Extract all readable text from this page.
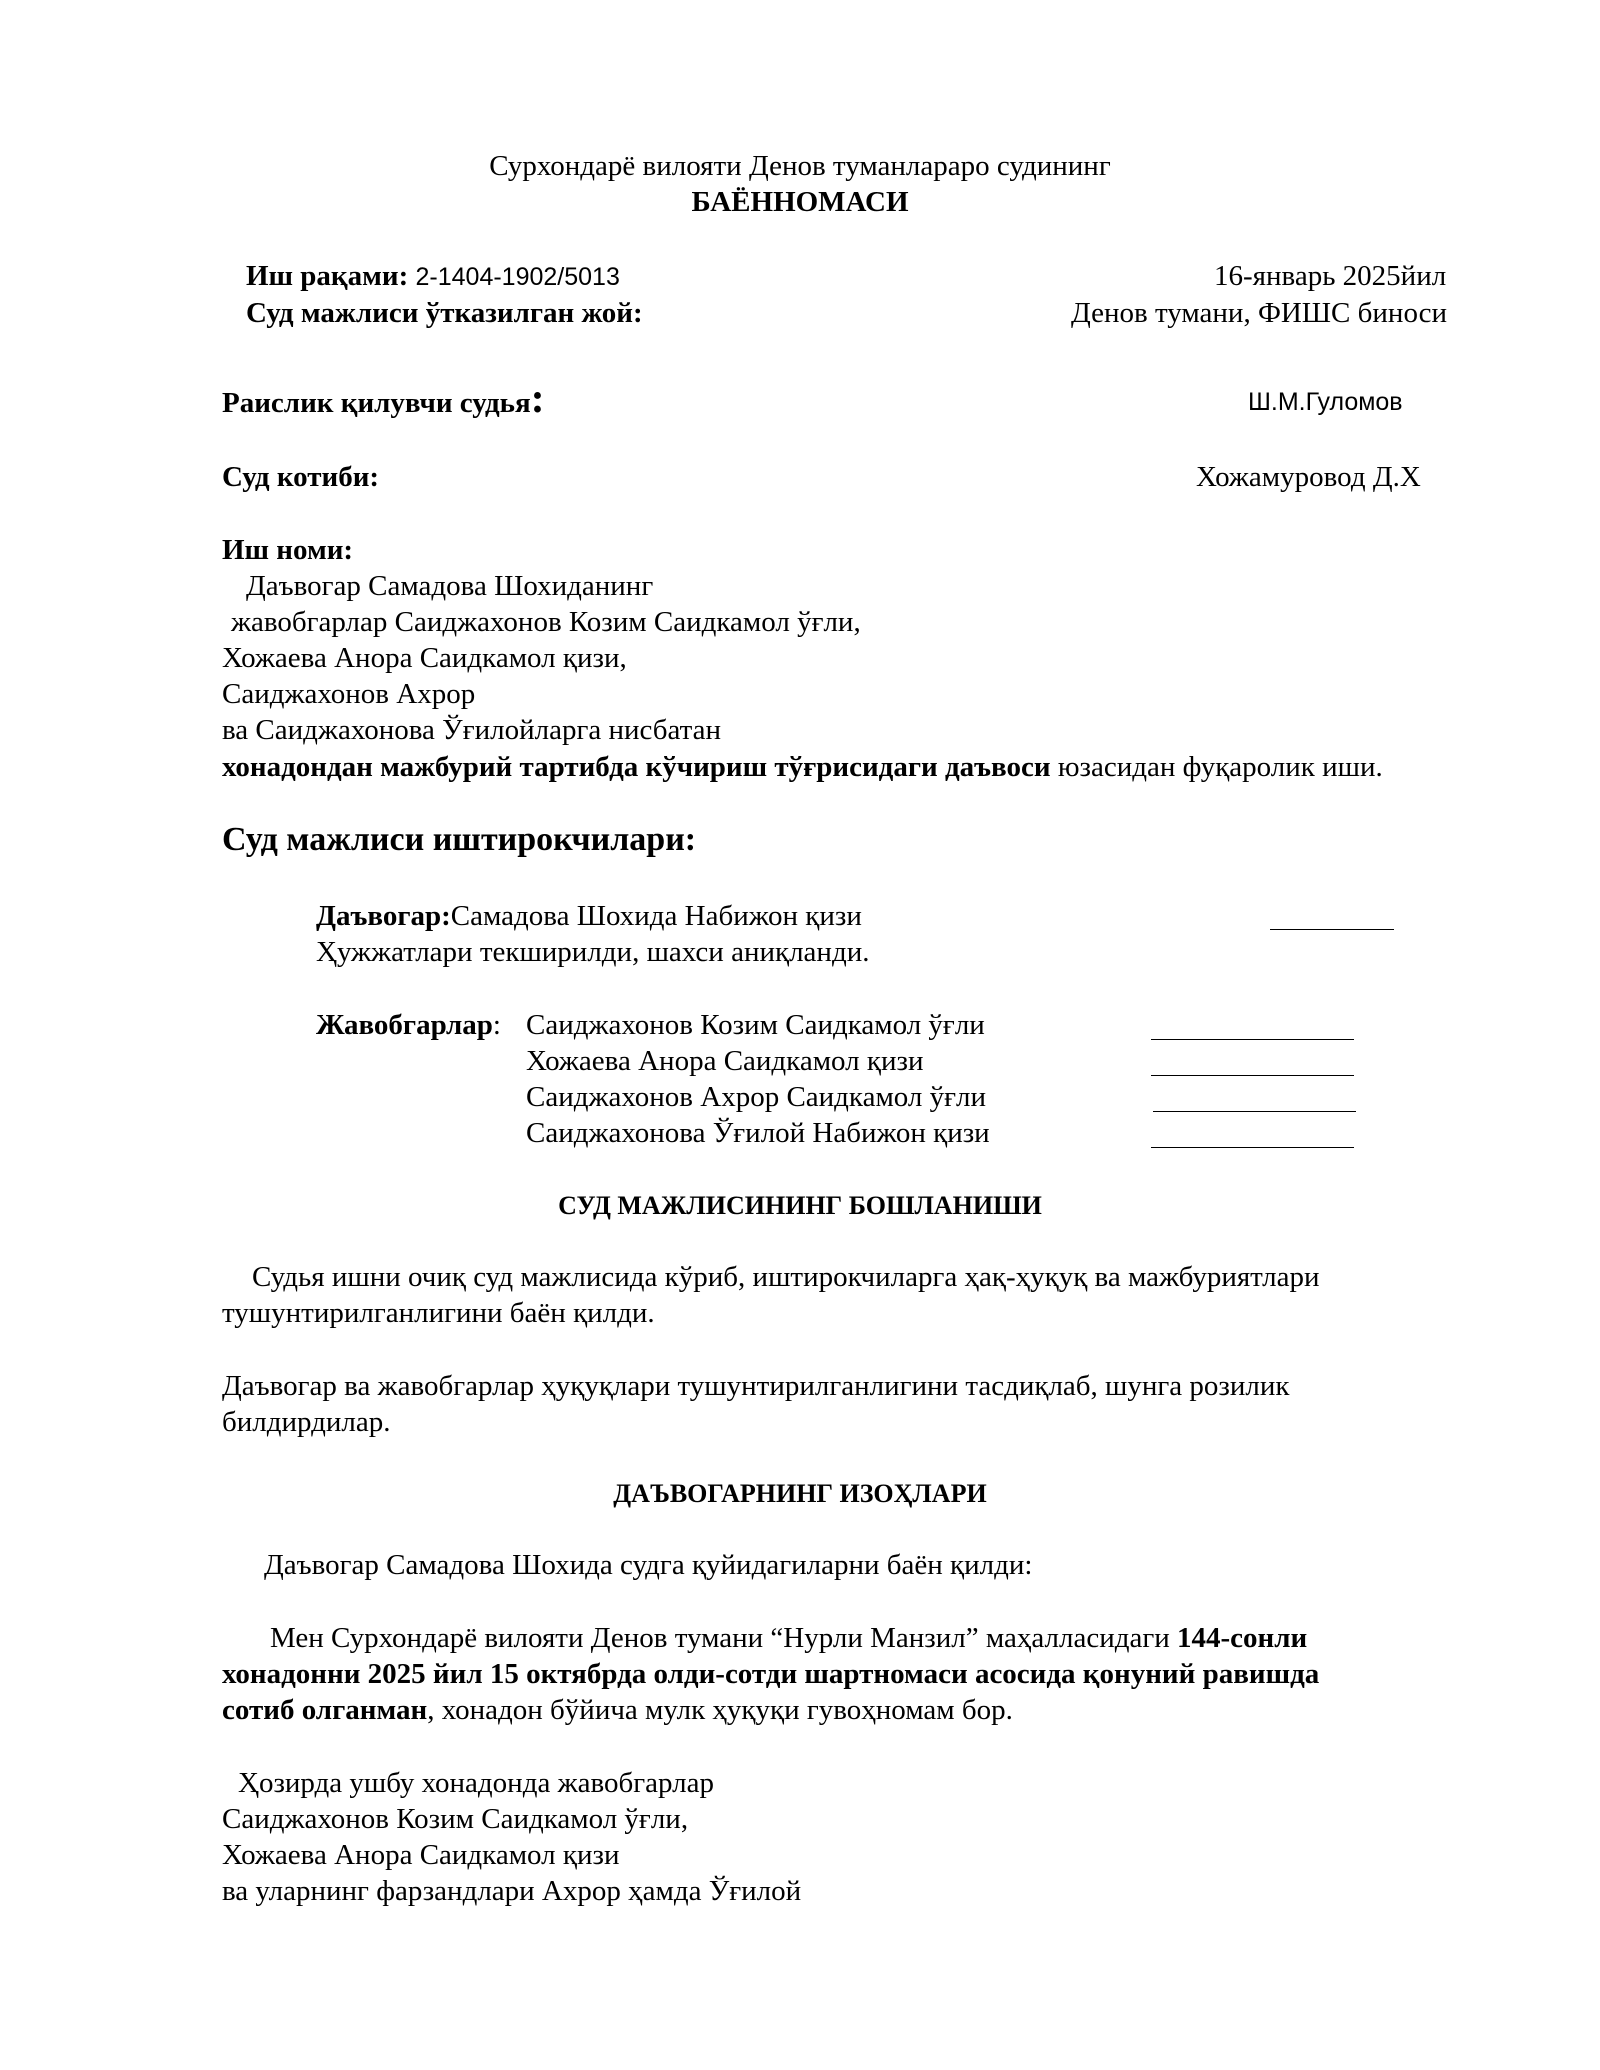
Сурхондарё вилояти Денов туманлараро судининг
БАЁННОМАСИ
Иш рақами: 2-1404-1902/5013	16-январь 2025йил
Суд мажлиси ўтказилган жой:	Денов тумани, ФИШС биноси
Раислик қилувчи судья:	Ш.М.Гуломов
Суд котиби:	Хожамуровод Д.Х
Иш номи:
Даъвогар Самадова Шохиданинг
жавобгарлар Саиджахонов Козим Саидкамол ўғли,
Хожаева Анора Саидкамол қизи,
Саиджахонов Ахрор
ва Саиджахонова Ўғилойларга нисбатан
хонадондан мажбурий тартибда кўчириш тўғрисидаги даъвоси юзасидан фуқаролик иши.
Суд мажлиси иштирокчилари:
Даъвогар:Самадова Шохида Набижон қизи
Ҳужжатлари текширилди, шахси аниқланди.
Жавобгарлар: Саиджахонов Козим Саидкамол ўғли
Хожаева Анора Саидкамол қизи
Саиджахонов Ахрор Саидкамол ўғли
Саиджахонова Ўғилой Набижон қизи
СУД МАЖЛИСИНИНГ БОШЛАНИШИ
Судья ишни очиқ суд мажлисида кўриб, иштирокчиларга ҳақ-ҳуқуқ ва мажбуриятлари
тушунтирилганлигини баён қилди.
Даъвогар ва жавобгарлар ҳуқуқлари тушунтирилганлигини тасдиқлаб, шунга розилик
билдирдилар.
ДАЪВОГАРНИНГ ИЗОҲЛАРИ
Даъвогар Самадова Шохида судга қуйидагиларни баён қилди:
Мен Сурхондарё вилояти Денов тумани “Нурли Манзил” маҳалласидаги 144-сонли
хонадонни 2025 йил 15 октябрда олди-сотди шартномаси асосида қонуний равишда
сотиб олганман, хонадон бўйича мулк ҳуқуқи гувоҳномам бор.
Ҳозирда ушбу хонадонда жавобгарлар
Саиджахонов Козим Саидкамол ўғли,
Хожаева Анора Саидкамол қизи
ва уларнинг фарзандлари Ахрор ҳамда Ўғилой
